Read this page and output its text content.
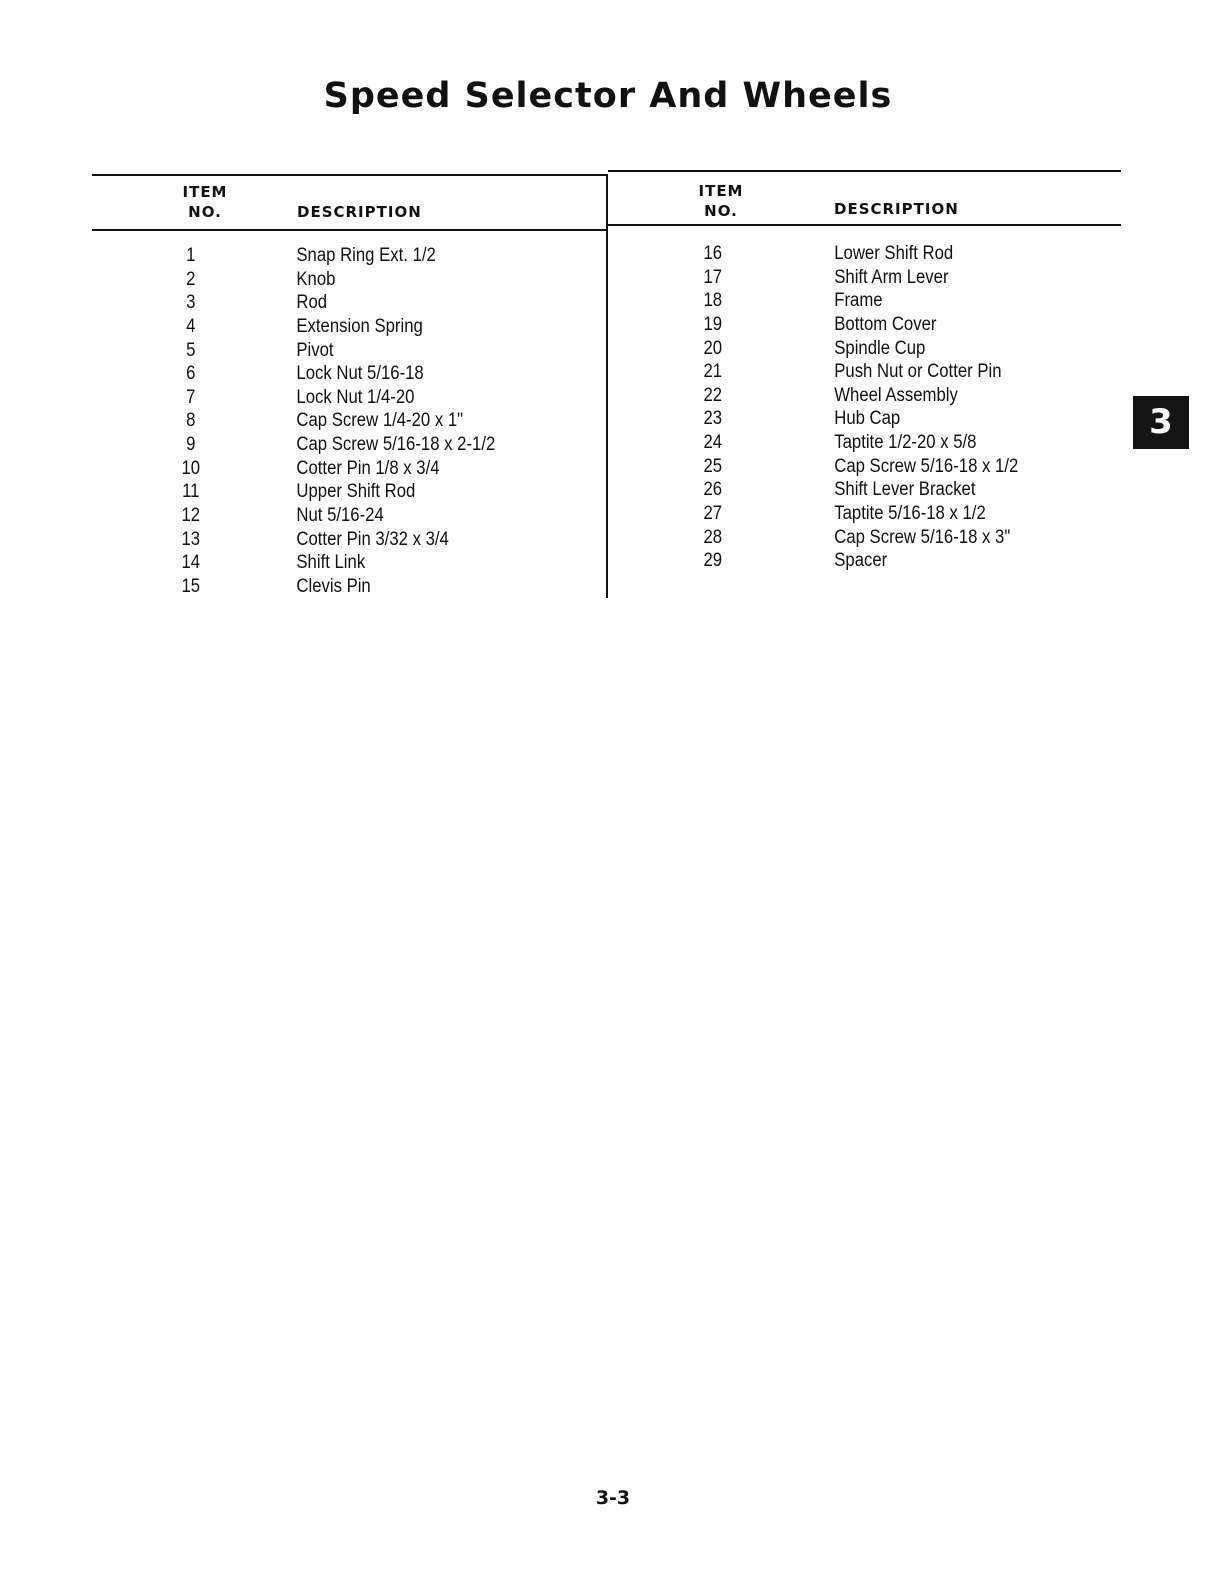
Speed Selector And Wheels
ITEM
NO.	DESCRIPTION
ITEM
NO.	DESCRIPTION
1	Snap Ring Ext. 1/2
2	Knob
3	Rod
4	Extension Spring
5	Pivot
6	Lock Nut 5/16-18
7	Lock Nut 1/4-20
8	Cap Screw 1/4-20 x 1"
9	Cap Screw 5/16-18 x 2-1/2
10	Cotter Pin 1/8 x 3/4
11	Upper Shift Rod
12	Nut 5/16-24
13	Cotter Pin 3/32 x 3/4
14	Shift Link
15	Clevis Pin
16	Lower Shift Rod
17	Shift Arm Lever
18	Frame
19	Bottom Cover
20	Spindle Cup
21	Push Nut or Cotter Pin
22	Wheel Assembly
23	Hub Cap
24	Taptite 1/2-20 x 5/8
25	Cap Screw 5/16-18 x 1/2
26	Shift Lever Bracket
27	Taptite 5/16-18 x 1/2
28	Cap Screw 5/16-18 x 3"
29	Spacer
3
3-3
